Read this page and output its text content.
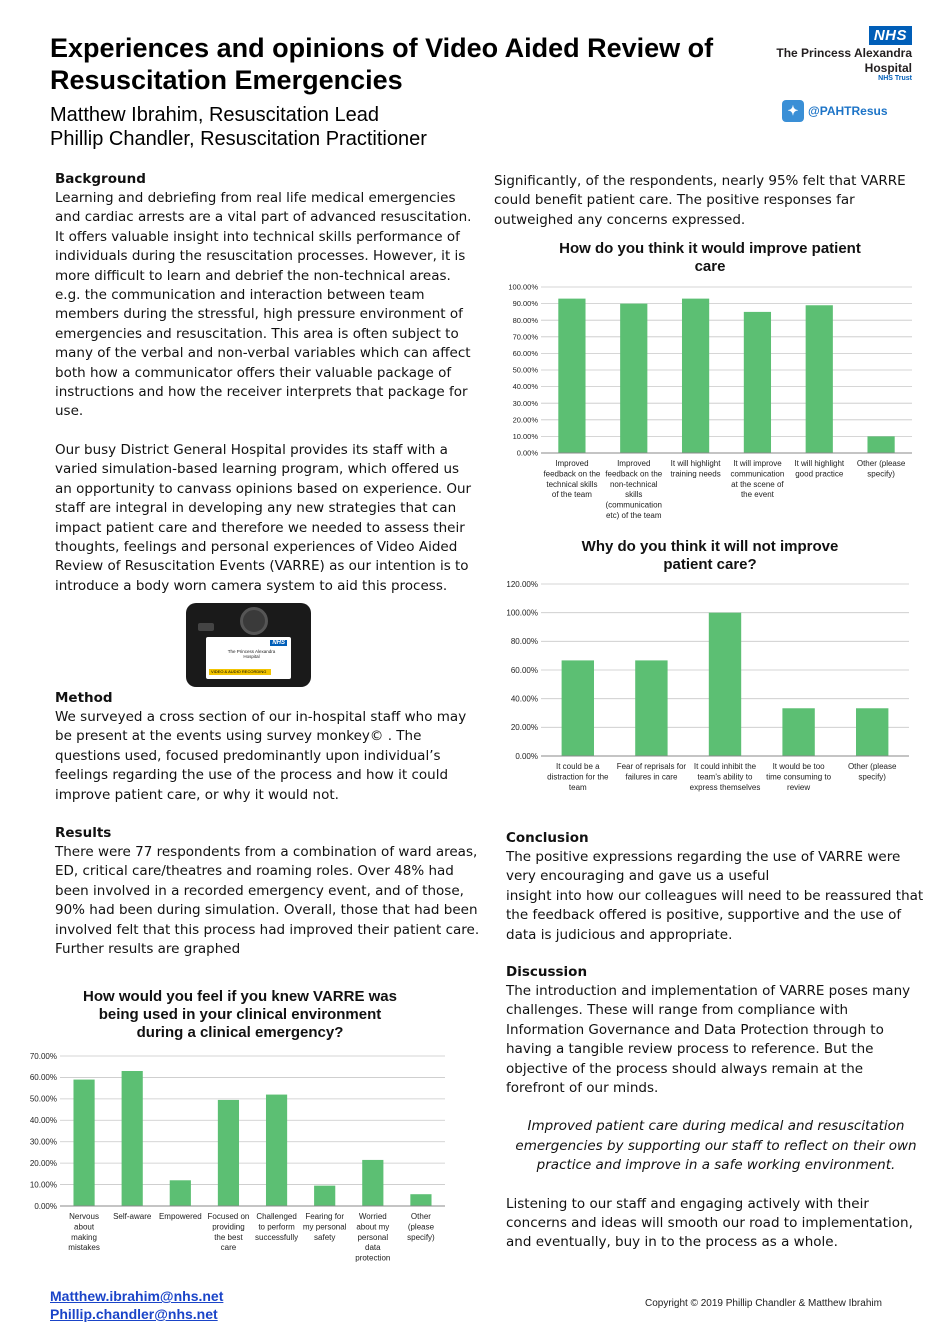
Experiences and opinions of Video Aided Review of Resuscitation Emergencies
Matthew Ibrahim, Resuscitation Lead
Phillip Chandler, Resuscitation Practitioner
NHS
The Princess Alexandra
Hospital
NHS Trust
✦ @PAHTResus
Background

Learning and debriefing from real life medical emergencies and cardiac arrests are a vital part of advanced resuscitation. It offers valuable insight into technical skills performance of individuals during the resuscitation processes. However, it is more difficult to learn and debrief the non-technical areas. e.g. the communication and interaction between team members during the stressful, high pressure environment of emergencies and resuscitation. This area is often subject to many of the verbal and non-verbal variables which can affect both how a communicator offers their valuable package of instructions and how the receiver interprets that package for use.

Our busy District General Hospital provides its staff with a varied simulation-based learning program, which offered us an opportunity to canvass opinions based on experience. Our staff are integral in developing any new strategies that can impact patient care and therefore we needed to assess their thoughts, feelings and personal experiences of Video Aided Review of Resuscitation Events (VARRE) as our intention is to introduce a body worn camera system to aid this process.

NHS
The Princess Alexandra Hospital
VIDEO & AUDIO RECORDING
Method

We surveyed a cross section of our in-hospital staff who may be present at the events using survey monkey© . The questions used, focused predominantly upon individual’s feelings regarding the use of the process and how it could improve patient care, or why it would not.

Results

There were 77 respondents from a combination of ward areas, ED, critical care/theatres and roaming roles. Over 48% had been involved in a recorded emergency event, and of those, 90% had been during simulation. Overall, those that had been involved felt that this process had improved their patient care. Further results are graphed

How would you feel if you knew VARRE was
being used in your clinical environment
during a clinical emergency?
0.00%
10.00%
20.00%
30.00%
40.00%
50.00%
60.00%
70.00%
Nervous about making mistakes
Self-aware Empowered Focused on providing the best care
Challenged to perform successfully
Fearing for my personal safety
Worried about my personal data protection
Other (please specify)
Matthew.ibrahim@nhs.net
Phillip.chandler@nhs.net

Significantly, of the respondents, nearly 95% felt that VARRE could benefit patient care. The positive responses far outweighed any concerns expressed.

How do you think it would improve patient
care
0.00%
10.00%
20.00%
30.00%
40.00%
50.00%
60.00%
70.00%
80.00%
90.00%
100.00%
Improved feedback on the technical skills of the team
Improved feedback on the non-technical skills (communication etc) of the team
It will highlight training needs
It will improve communication at the scene of the event
It will highlight good practice
Other (please specify)
Why do you think it will not improve
patient care?
0.00%
20.00%
40.00%
60.00%
80.00%
100.00%
120.00%
It could be a distraction for the team
Fear of reprisals for failures in care
It could inhibit the team's ability to express themselves
It would be too time consuming to review
Other (please specify)
Conclusion

The positive expressions regarding the use of VARRE were very encouraging and gave us a useful

insight into how our colleagues will need to be reassured that the feedback offered is positive, supportive and the use of data is judicious and appropriate.

Discussion

The introduction and implementation of VARRE poses many challenges. These will range from compliance with Information Governance and Data Protection through to having a tangible review process to reference. But the objective of the process should always remain at the forefront of our minds.

Improved patient care during medical and resuscitation emergencies by supporting our staff to reflect on their own practice and improve in a safe working environment.

Listening to our staff and engaging actively with their concerns and ideas will smooth our road to implementation, and eventually, buy in to the process as a whole.

Copyright © 2019 Phillip Chandler & Matthew Ibrahim
